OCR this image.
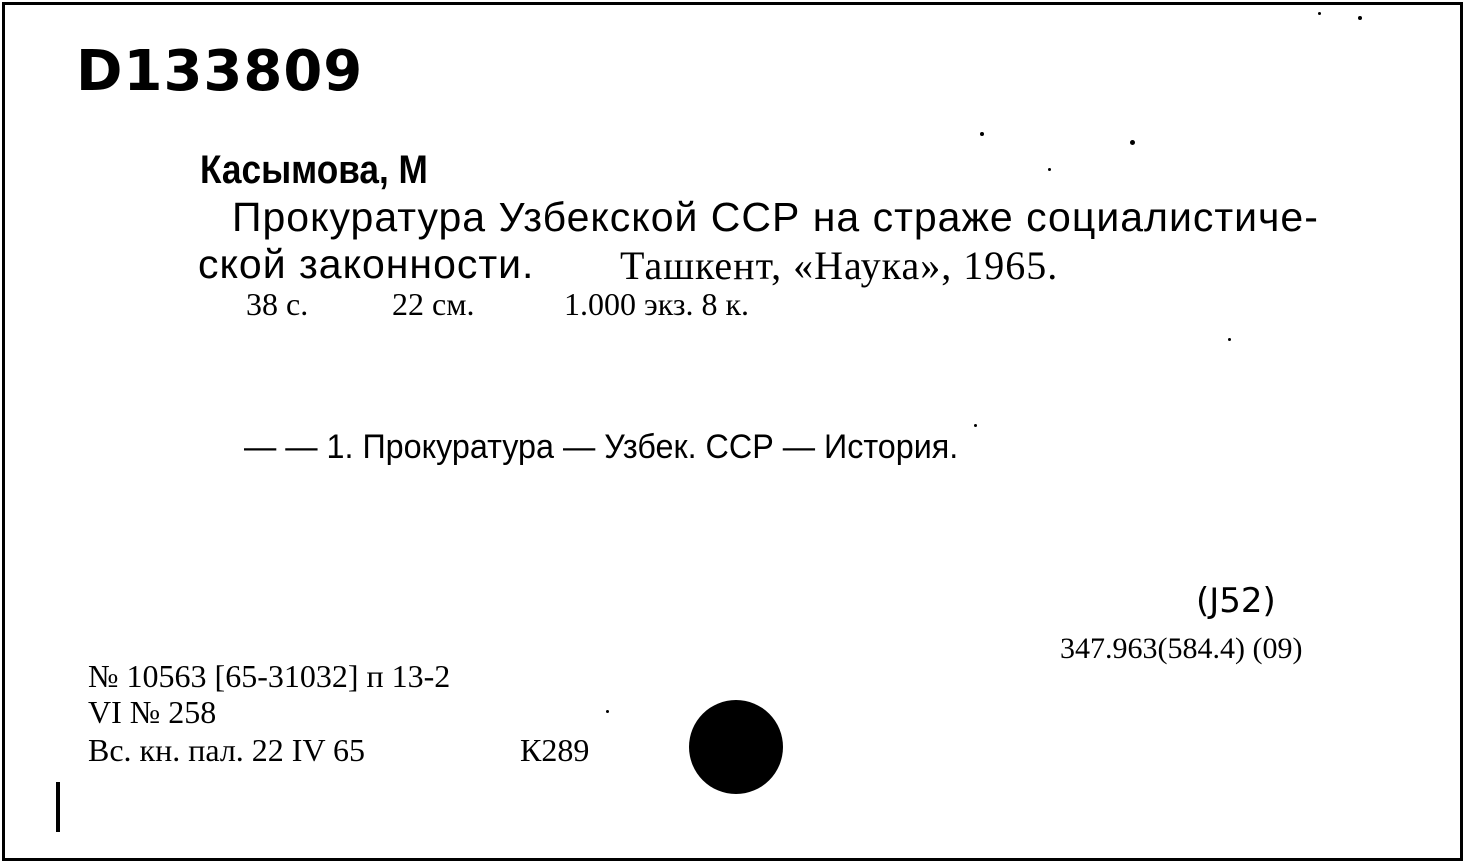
D133809
Касымова, М
Прокуратура Узбекской ССР на страже социалистиче-
ской законности. Ташкент, «Наука», 1965.
38 с.	22 см.	1.000 экз. 8 к.
— — 1. Прокуратура — Узбек. ССР — История.
(J52)
347.963(584.4) (09)
№ 10563 [65-31032] п 13-2
VI № 258
Вс. кн. пал. 22 IV 65	К289
